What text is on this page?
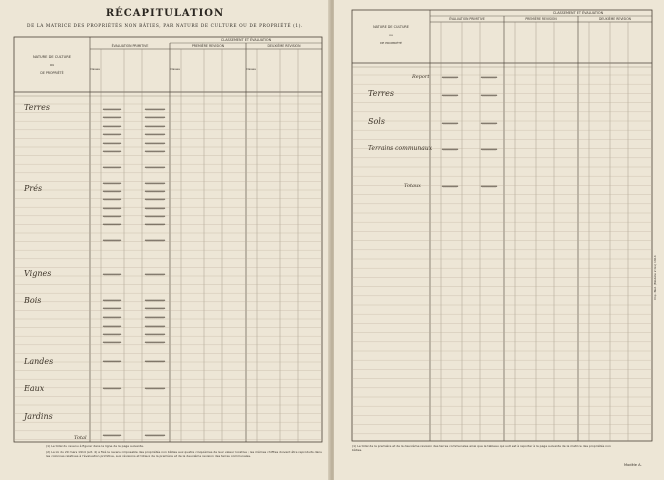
RÉCAPITULATION
DE LA MATRICE DES PROPRIÉTÉS NON BÂTIES, PAR NATURE DE CULTURE OU DE PROPRIÉTÉ (1).
NATURE DE CULTURE
ou
DE PROPRIÉTÉ
CLASSEMENT ET ÉVALUATION
ÉVALUATION PRIMITIVE	PREMIÈRE REVISION	DEUXIÈME REVISION
Classes	Classes	Classes
Terres
Prés
Vignes
Bois
Landes
Eaux
Jardins
Total
(1) Le total du revenu à figurer dans la ligne de la page suivante.
(2) La loi du 29 mars 1914 (art. 4) a fixé le revenu imposable des propriétés non bâties aux quatre cinquièmes de leur valeur locative ; les mêmes chiffres doivent être reproduits dans les colonnes relatives à l'évaluation primitive, aux révisions et totaux de la première et de la deuxième revision des terres communales.
NATURE DE CULTURE
ou
DE PROPRIÉTÉ
CLASSEMENT ET ÉVALUATION
ÉVALUATION PRIMITIVE	PREMIÈRE REVISION	DEUXIÈME REVISION
Report
Terres
Sols
Terrains communaux
Totaux
Imp. Nat. (Modèle 2 bis) 1914
Modèle A.
(1) Le total de la première et de la deuxième revision des terres communales ainsi que le tableau qui suit est à reporter à la page suivante de la matrice des propriétés non bâties.
